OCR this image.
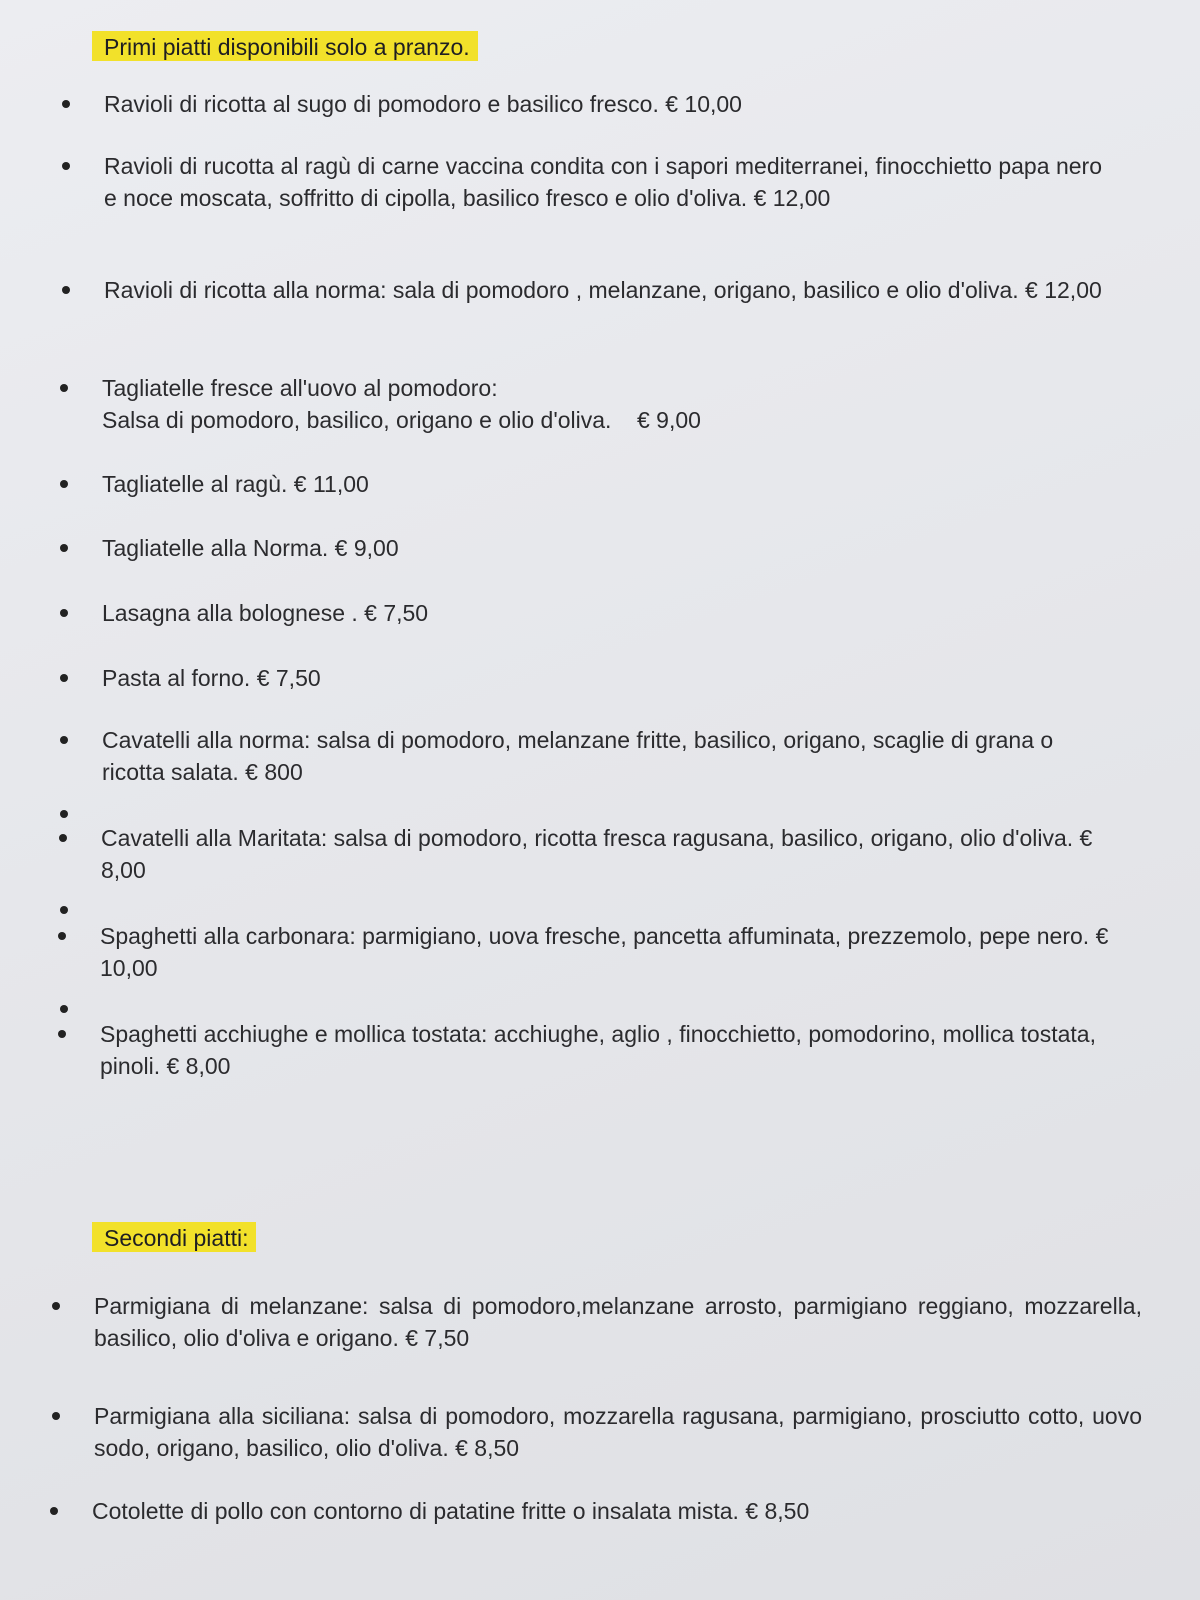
Primi piatti disponibili solo a pranzo.
Ravioli di ricotta al sugo di pomodoro e basilico fresco. € 10,00
Ravioli di rucotta al ragù di carne vaccina condita con i sapori mediterranei, finocchietto papa nero e noce moscata, soffritto di cipolla, basilico fresco e olio d'oliva. € 12,00
Ravioli di ricotta alla norma: sala di pomodoro , melanzane, origano, basilico e olio d'oliva. € 12,00
Tagliatelle fresce all'uovo al pomodoro:
Salsa di pomodoro, basilico, origano e olio d'oliva.    € 9,00
Tagliatelle al ragù. € 11,00
Tagliatelle alla Norma. € 9,00
Lasagna alla bolognese . € 7,50
Pasta al forno. € 7,50
Cavatelli alla norma: salsa di pomodoro, melanzane fritte, basilico, origano, scaglie di grana o ricotta salata. € 800
Cavatelli alla Maritata: salsa di pomodoro, ricotta fresca ragusana, basilico, origano, olio d'oliva. € 8,00
Spaghetti alla carbonara: parmigiano, uova fresche, pancetta affuminata, prezzemolo, pepe nero. € 10,00
Spaghetti acchiughe e mollica tostata: acchiughe, aglio , finocchietto, pomodorino, mollica tostata, pinoli. € 8,00
Secondi piatti:
Parmigiana di melanzane: salsa di pomodoro,melanzane arrosto, parmigiano reggiano, mozzarella, basilico, olio d'oliva e origano. € 7,50
Parmigiana alla siciliana: salsa di pomodoro, mozzarella ragusana, parmigiano, prosciutto cotto, uovo sodo, origano, basilico, olio d'oliva. € 8,50
Cotolette di pollo con contorno di patatine fritte o insalata mista. € 8,50
